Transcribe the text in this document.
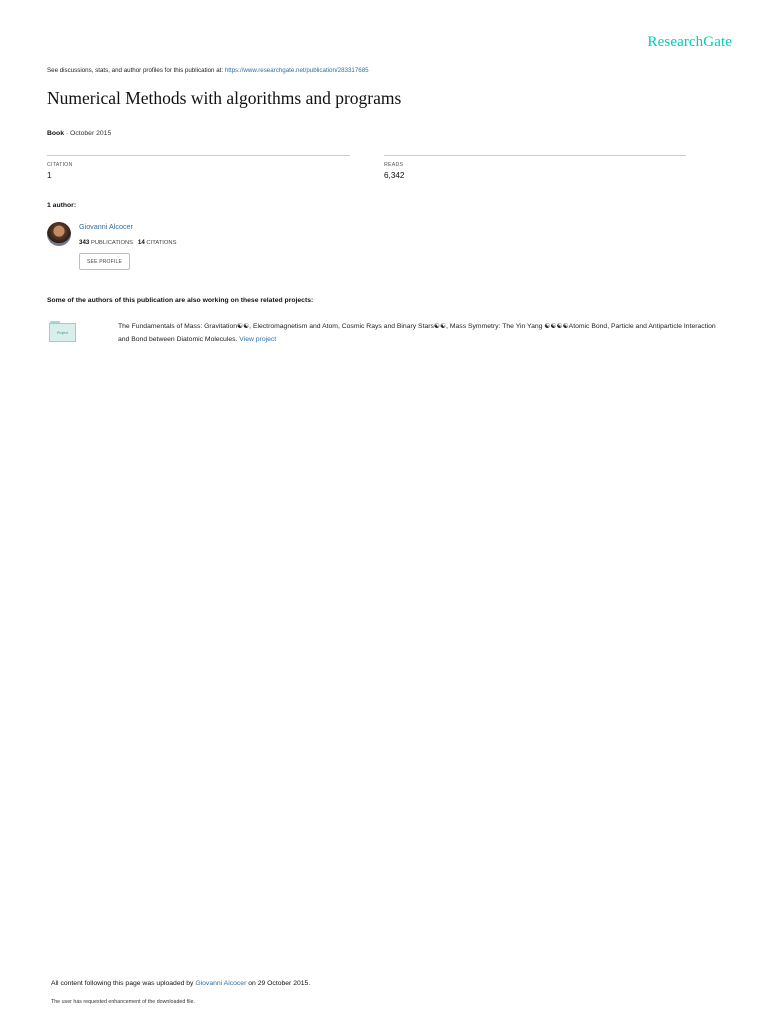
ResearchGate
See discussions, stats, and author profiles for this publication at: https://www.researchgate.net/publication/283317685
Numerical Methods with algorithms and programs
Book · October 2015
CITATION
1
READS
6,342
1 author:
Giovanni Alcocer
343 PUBLICATIONS 14 CITATIONS
SEE PROFILE
Some of the authors of this publication are also working on these related projects:
Project
The Fundamentals of Mass: Gravitation☯☯, Electromagnetism and Atom, Cosmic Rays and Binary Stars☯☯, Mass Symmetry: The Yin Yang ☯☯☯☯Atomic Bond, Particle and Antiparticle Interaction and Bond between Diatomic Molecules. View project
All content following this page was uploaded by Giovanni Alcocer on 29 October 2015.
The user has requested enhancement of the downloaded file.
